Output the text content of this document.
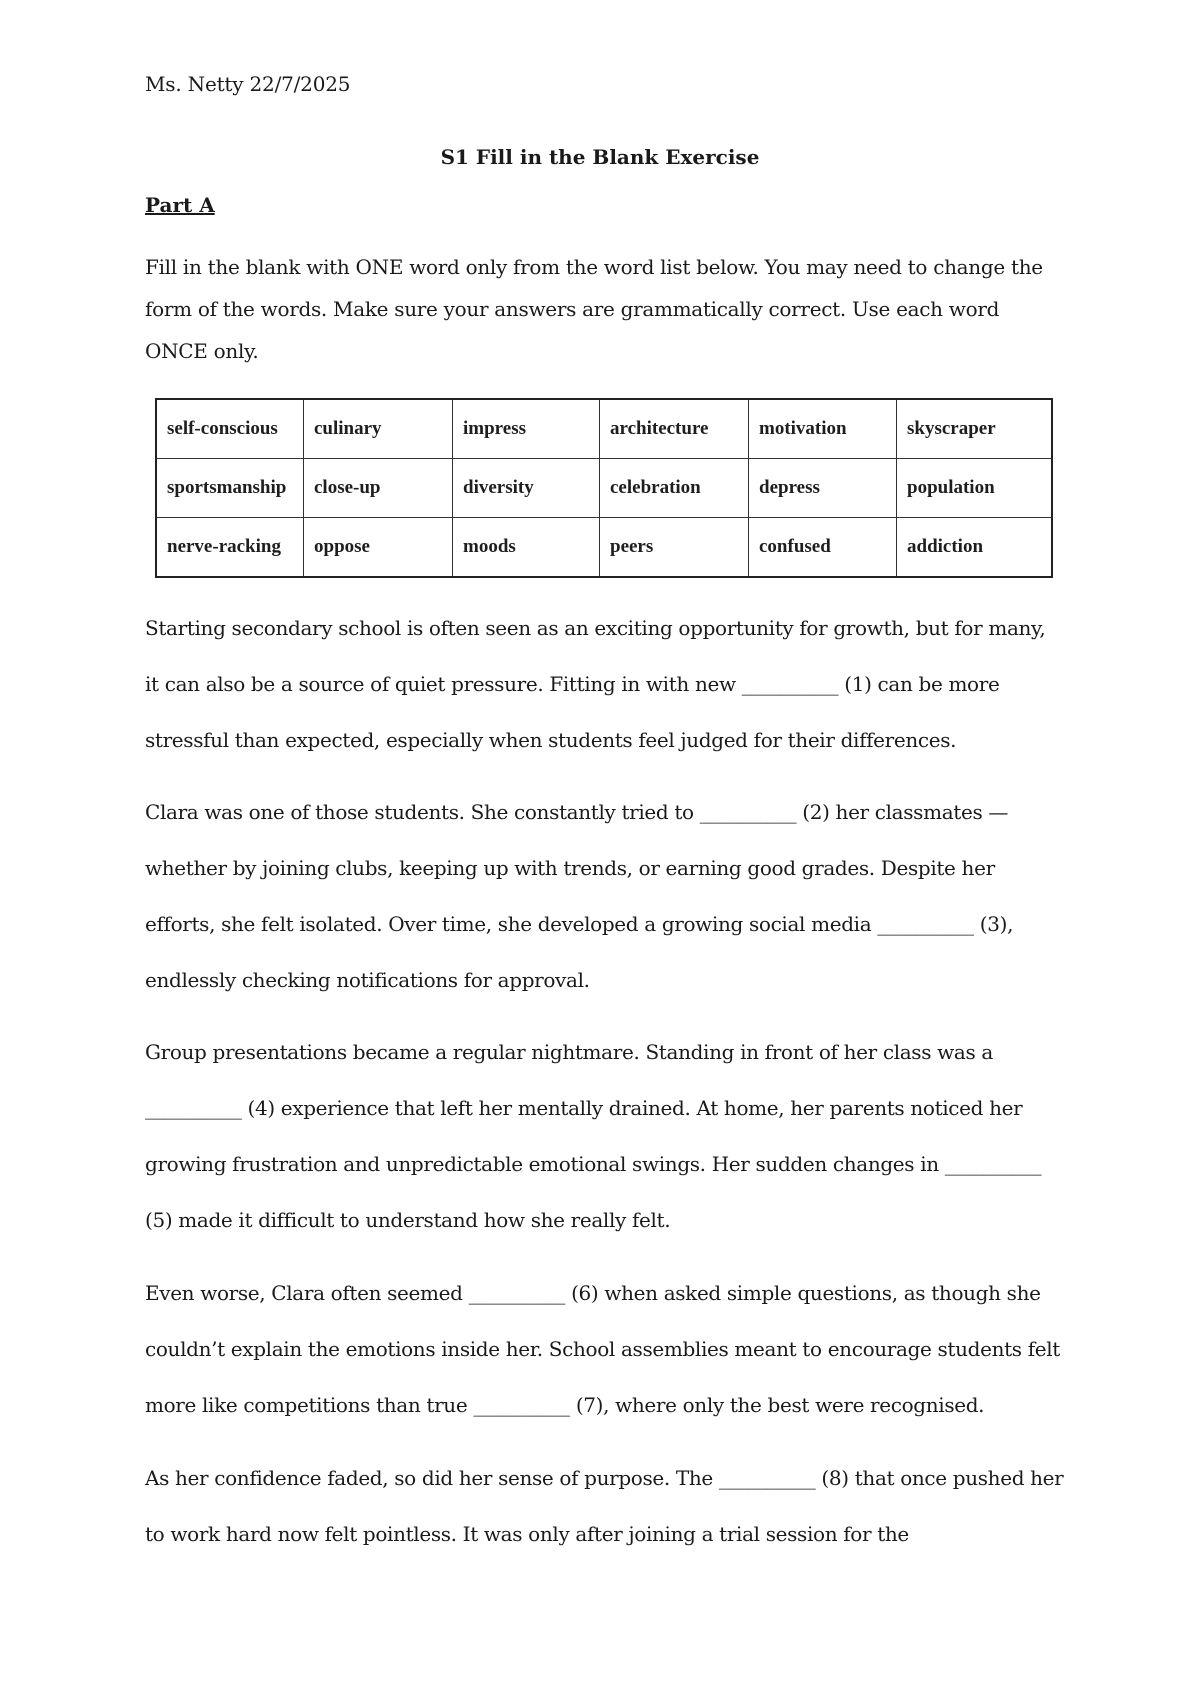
Ms. Netty 22/7/2025
S1 Fill in the Blank Exercise
Part A

Fill in the blank with ONE word only from the word list below. You may need to change the form of the words. Make sure your answers are grammatically correct. Use each word ONCE only.

self-conscious	culinary	impress	architecture	motivation	skyscraper
sportsmanship	close-up	diversity	celebration	depress	population
nerve-racking	oppose	moods	peers	confused	addiction

Starting secondary school is often seen as an exciting opportunity for growth, but for many, it can also be a source of quiet pressure. Fitting in with new __________ (1) can be more stressful than expected, especially when students feel judged for their differences.

Clara was one of those students. She constantly tried to __________ (2) her classmates — whether by joining clubs, keeping up with trends, or earning good grades. Despite her efforts, she felt isolated. Over time, she developed a growing social media __________ (3), endlessly checking notifications for approval.

Group presentations became a regular nightmare. Standing in front of her class was a __________ (4) experience that left her mentally drained. At home, her parents noticed her growing frustration and unpredictable emotional swings. Her sudden changes in __________ (5) made it difficult to understand how she really felt.

Even worse, Clara often seemed __________ (6) when asked simple questions, as though she couldn’t explain the emotions inside her. School assemblies meant to encourage students felt more like competitions than true __________ (7), where only the best were recognised.

As her confidence faded, so did her sense of purpose. The __________ (8) that once pushed her to work hard now felt pointless. It was only after joining a trial session for the
